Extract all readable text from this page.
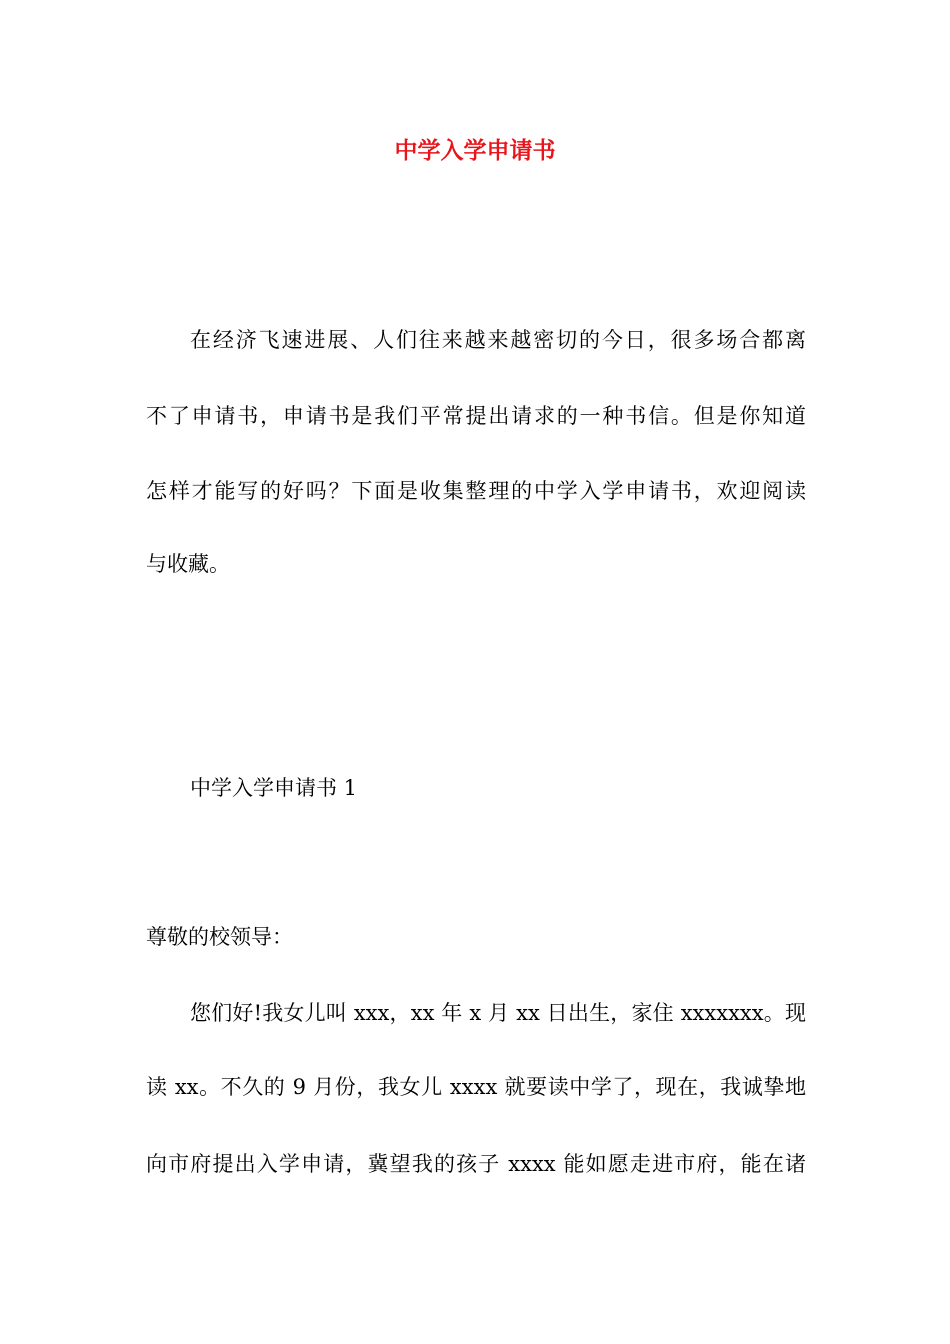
中学入学申请书
在经济飞速进展、人们往来越来越密切的今日，很多场合都离
不了申请书，申请书是我们平常提出请求的一种书信。但是你知道
怎样才能写的好吗？下面是收集整理的中学入学申请书，欢迎阅读
与收藏。
中学入学申请书 1
尊敬的校领导：
您们好!我女儿叫 xxx，xx 年 x 月 xx 日出生，家住 xxxxxxx。现
读 xx。不久的 9 月份，我女儿 xxxx 就要读中学了，现在，我诚挚地
向市府提出入学申请，冀望我的孩子 xxxx 能如愿走进市府，能在诸
